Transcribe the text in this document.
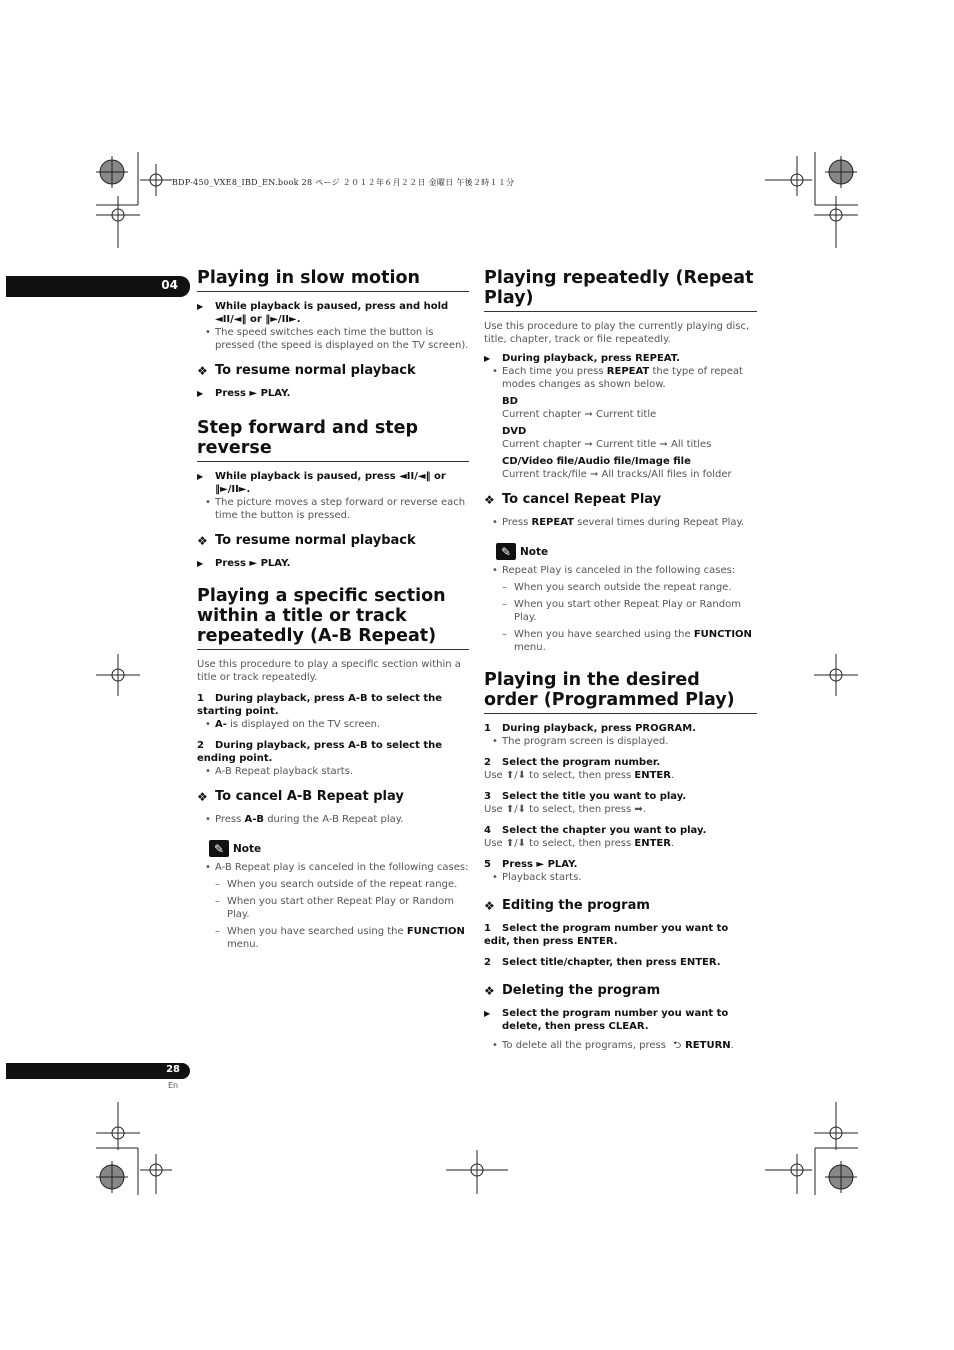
BDP-450_VXE8_IBD_EN.book 28 ページ ２０１２年６月２２日 金曜日 午後２時１１分
04
28
En
Playing in slow motion

▶ While playback is paused, press and hold ◄II/◄‖ or ‖►/II►.

• The speed switches each time the button is pressed (the speed is displayed on the TV screen).

❖ To resume normal playback

▶ Press ► PLAY.

Step forward and step reverse

▶ While playback is paused, press ◄II/◄‖ or ‖►/II►.

• The picture moves a step forward or reverse each time the button is pressed.

❖ To resume normal playback

▶ Press ► PLAY.

Playing a specific section within a title or track repeatedly (A-B Repeat)

Use this procedure to play a specific section within a title or track repeatedly.

1 During playback, press A-B to select the starting point.

• A- is displayed on the TV screen.

2 During playback, press A-B to select the ending point.

• A-B Repeat playback starts.

❖ To cancel A-B Repeat play

• Press A-B during the A-B Repeat play.

✎ Note

• A-B Repeat play is canceled in the following cases:

– When you search outside of the repeat range.

– When you start other Repeat Play or Random Play.

– When you have searched using the FUNCTION menu.

Playing repeatedly (Repeat Play)

Use this procedure to play the currently playing disc, title, chapter, track or file repeatedly.

▶ During playback, press REPEAT.

• Each time you press REPEAT the type of repeat modes changes as shown below.

BD
Current chapter ➞ Current title
DVD
Current chapter ➞ Current title ➞ All titles
CD/Video file/Audio file/Image file
Current track/file ➞ All tracks/All files in folder
❖ To cancel Repeat Play

• Press REPEAT several times during Repeat Play.

✎ Note

• Repeat Play is canceled in the following cases:

– When you search outside the repeat range.

– When you start other Repeat Play or Random Play.

– When you have searched using the FUNCTION menu.

Playing in the desired order (Programmed Play)

1 During playback, press PROGRAM.

• The program screen is displayed.

2 Select the program number.

Use ⬆/⬇ to select, then press ENTER.

3 Select the title you want to play.

Use ⬆/⬇ to select, then press ➡.

4 Select the chapter you want to play.

Use ⬆/⬇ to select, then press ENTER.

5 Press ► PLAY.

• Playback starts.

❖ Editing the program

1 Select the program number you want to edit, then press ENTER.

2 Select title/chapter, then press ENTER.

❖ Deleting the program

▶ Select the program number you want to delete, then press CLEAR.

• To delete all the programs, press ⮌ RETURN.
